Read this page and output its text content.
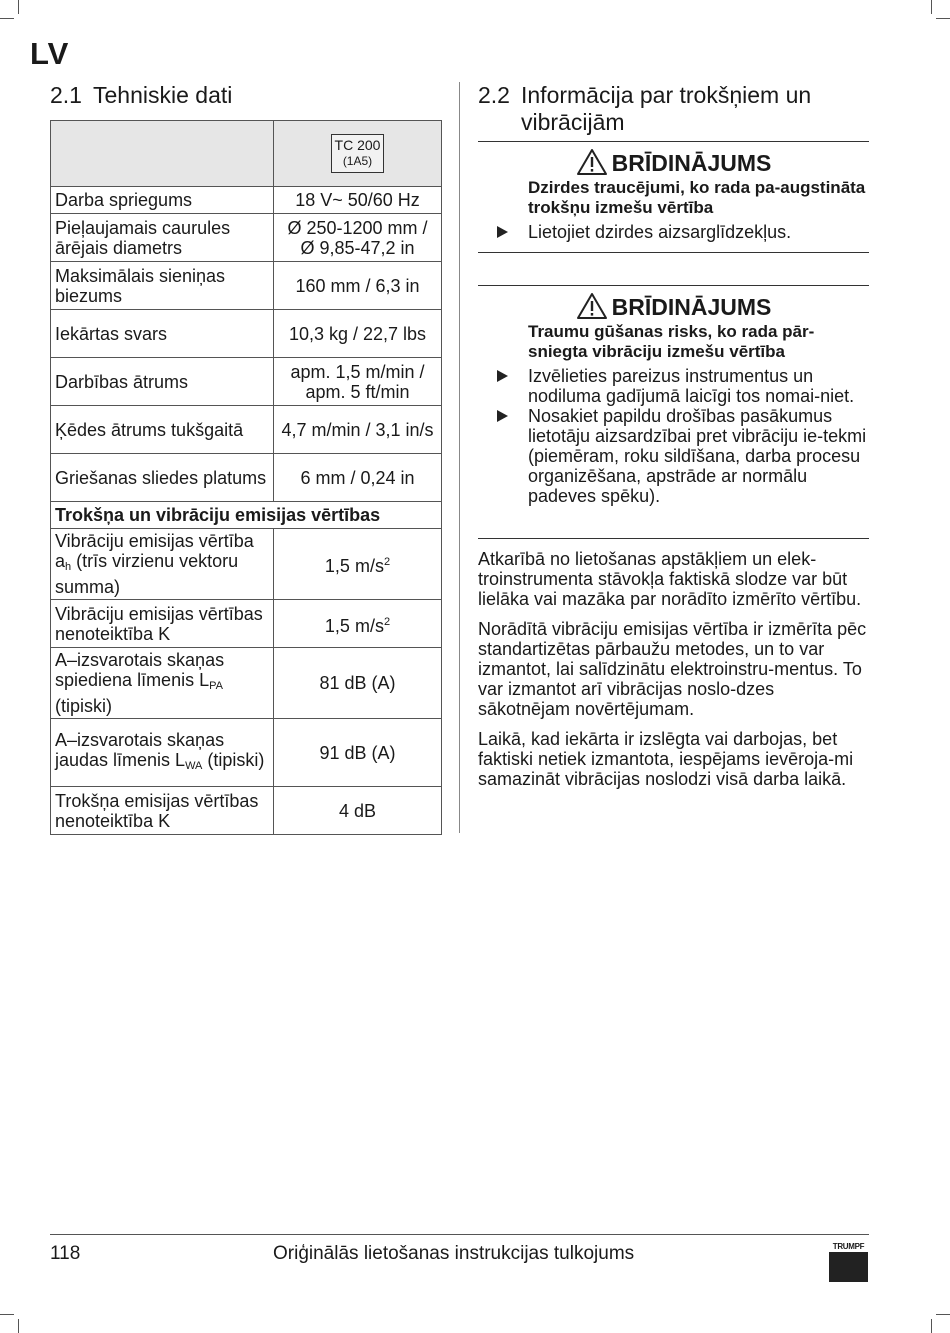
LV
2.1 Tehniskie dati
	TC 200
(1A5)

Darba spriegums	18 V~ 50/60 Hz
Pieļaujamais caurules ārējais diametrs	Ø 250-1200 mm / Ø 9,85-47,2 in
Maksimālais sieniņas biezums	160 mm / 6,3 in
Iekārtas svars	10,3 kg / 22,7 lbs
Darbības ātrums	apm. 1,5 m/min / apm. 5 ft/min
Ķēdes ātrums tukšgaitā	4,7 m/min / 3,1 in/s
Griešanas sliedes platums	6 mm / 0,24 in
Trokšņa un vibrāciju emisijas vērtības	
Vibrāciju emisijas vērtība $a_h$ (trīs virzienu vektoru summa)	1,5 $m/s^2$
Vibrāciju emisijas vērtības nenoteiktība K	1,5 $m/s^2$
A–izsvarotais skaņas spiediena līmenis $L_{PA}$ (tipiski)	81 dB (A)
A–izsvarotais skaņas jaudas līmenis $L_{WA}$ (tipiski)	91 dB (A)
Trokšņa emisijas vērtības nenoteiktība K	4 dB
2.2 Informācija par trokšņiem un
vibrācijām
BRĪDINĀJUMS
Dzirdes traucējumi, ko rada pa-augstināta trokšņu izmešu vērtība
Lietojiet dzirdes aizsarglīdzekļus.
BRĪDINĀJUMS
Traumu gūšanas risks, ko rada pār-sniegta vibrāciju izmešu vērtība
Izvēlieties pareizus instrumentus un nodiluma gadījumā laicīgi tos nomai-niet.
Nosakiet papildu drošības pasākumus lietotāju aizsardzībai pret vibrāciju ie-tekmi (piemēram, roku sildīšana, darba procesu organizēšana, apstrāde ar normālu padeves spēku).

Atkarībā no lietošanas apstākļiem un elek-troinstrumenta stāvokļa faktiskā slodze var būt lielāka vai mazāka par norādīto izmērīto vērtību.

Norādītā vibrāciju emisijas vērtība ir izmērīta pēc standartizētas pārbaužu metodes, un to var izmantot, lai salīdzinātu elektroinstru-mentus. To var izmantot arī vibrācijas noslo-dzes sākotnējam novērtējumam.

Laikā, kad iekārta ir izslēgta vai darbojas, bet faktiski netiek izmantota, iespējams ievēroja-mi samazināt vibrācijas noslodzi visā darba laikā.

118	Oriģinālās lietošanas instrukcijas tulkojums	TRUMPF
